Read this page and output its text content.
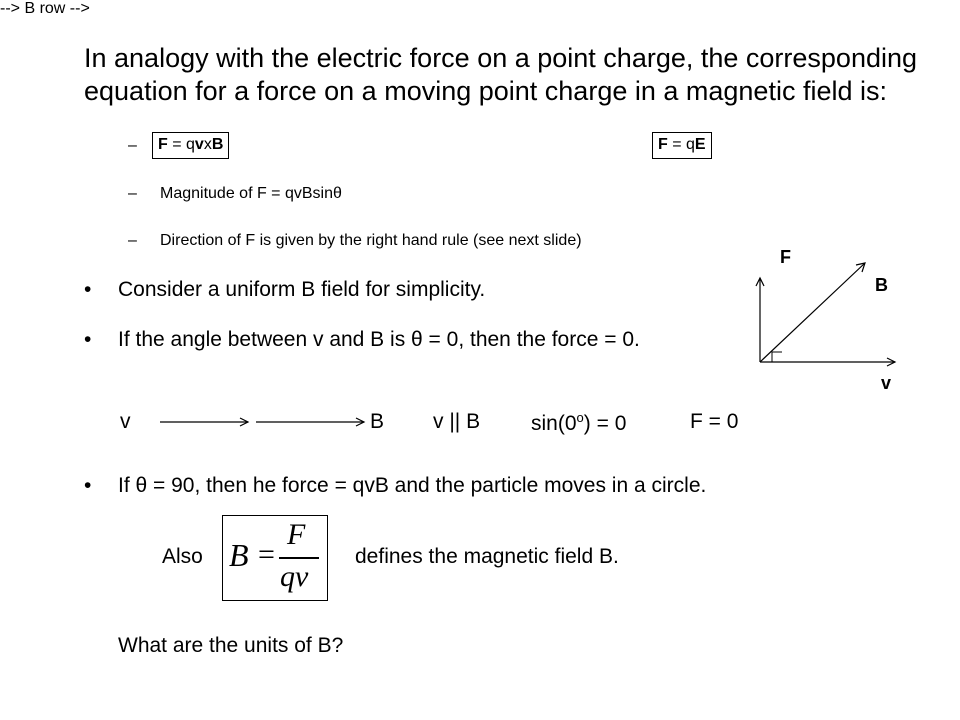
In analogy with the electric force on a point charge, the corresponding equation for a force on a moving point charge in a magnetic field is:
–	F = qvxB	F = qE
– Magnitude of F = qvBsinθ
– Direction of F is given by the right hand rule (see next slide)
• Consider a uniform B field for simplicity.
• If the angle between v and B is θ = 0, then the force = 0.
--> B row -->
v	B v || B $\sin(0^o) = 0$	F = 0
• If θ = 90, then he force = qvB and the particle moves in a circle.
Also B =
F
qv
defines the magnetic field B.
What are the units of B?
F
B
v
